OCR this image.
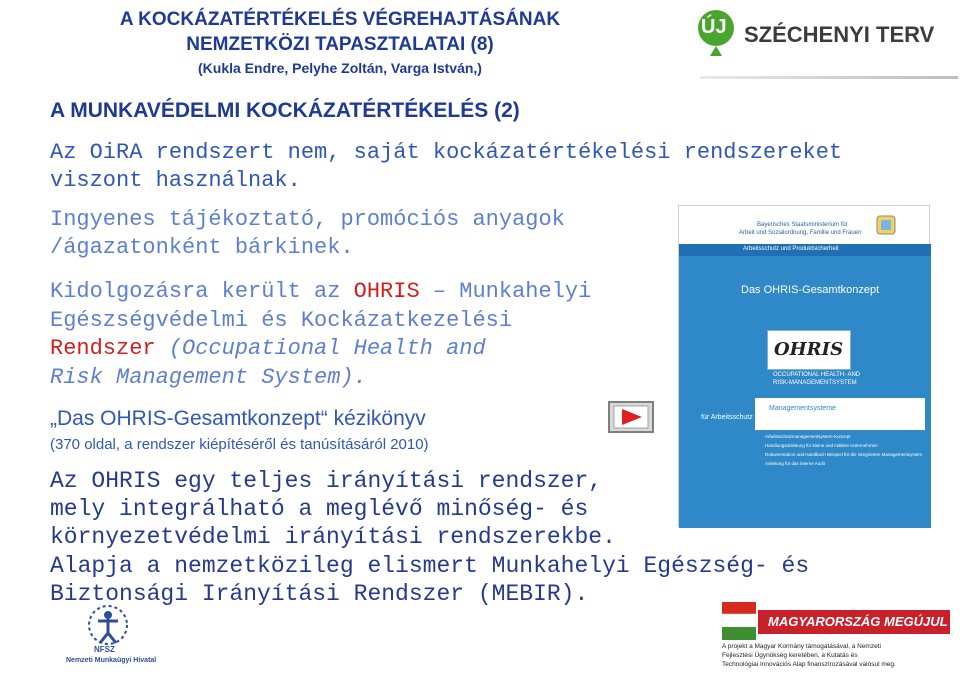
A KOCKÁZATÉRTÉKELÉS VÉGREHAJTÁSÁNAK
NEMZETKÖZI TAPASZTALATAI (8)
(Kukla Endre, Pelyhe Zoltán, Varga István,)
ÚJ SZÉCHENYI TERV
A MUNKAVÉDELMI KOCKÁZATÉRTÉKELÉS (2)
Az OiRA rendszert nem, saját kockázatértékelési rendszereket
viszont használnak.
Ingyenes tájékoztató, promóciós anyagok
/ágazatonként bárkinek.
Kidolgozásra került az OHRIS – Munkahelyi
Egészségvédelmi és Kockázatkezelési
Rendszer (Occupational Health and
Risk Management System).
„Das OHRIS-Gesamtkonzept“ kézikönyv
(370 oldal, a rendszer kiépítéséről és tanúsításáról 2010)
Az OHRIS egy teljes irányítási rendszer,
mely integrálható a meglévő minőség- és
környezetvédelmi irányítási rendszerekbe.
Alapja a nemzetközileg elismert Munkahelyi Egészség- és
Biztonsági Irányítási Rendszer (MEBIR).
Bayerisches Staatsministerium für
Arbeit und Sozialordnung, Familie und Frauen
Arbeitsschutz und Produktsicherheit
Das OHRIS-Gesamtkonzept
OHRIS
OCCUPATIONAL HEALTH- AND
RISK-MANAGEMENTSYSTEM
Managementsysteme
für Arbeitsschutz und Anlagensicherheit
Arbeitsschutzmanagementsystem-Konzept
Handlungsanleitung für kleine und mittlere Unternehmen
Dokumentation und Handbuch Beispiel für die integrierten Managementsystem
Anleitung für das interne Audit
NFSZ
Nemzeti Munkaügyi Hivatal
MAGYARORSZÁG MEGÚJUL
A projekt a Magyar Kormány támogatásával, a Nemzeti
Fejlesztési Ügynökség keretében, a Kutatás és
Technológiai Innovációs Alap finanszírozásával valósul meg.
